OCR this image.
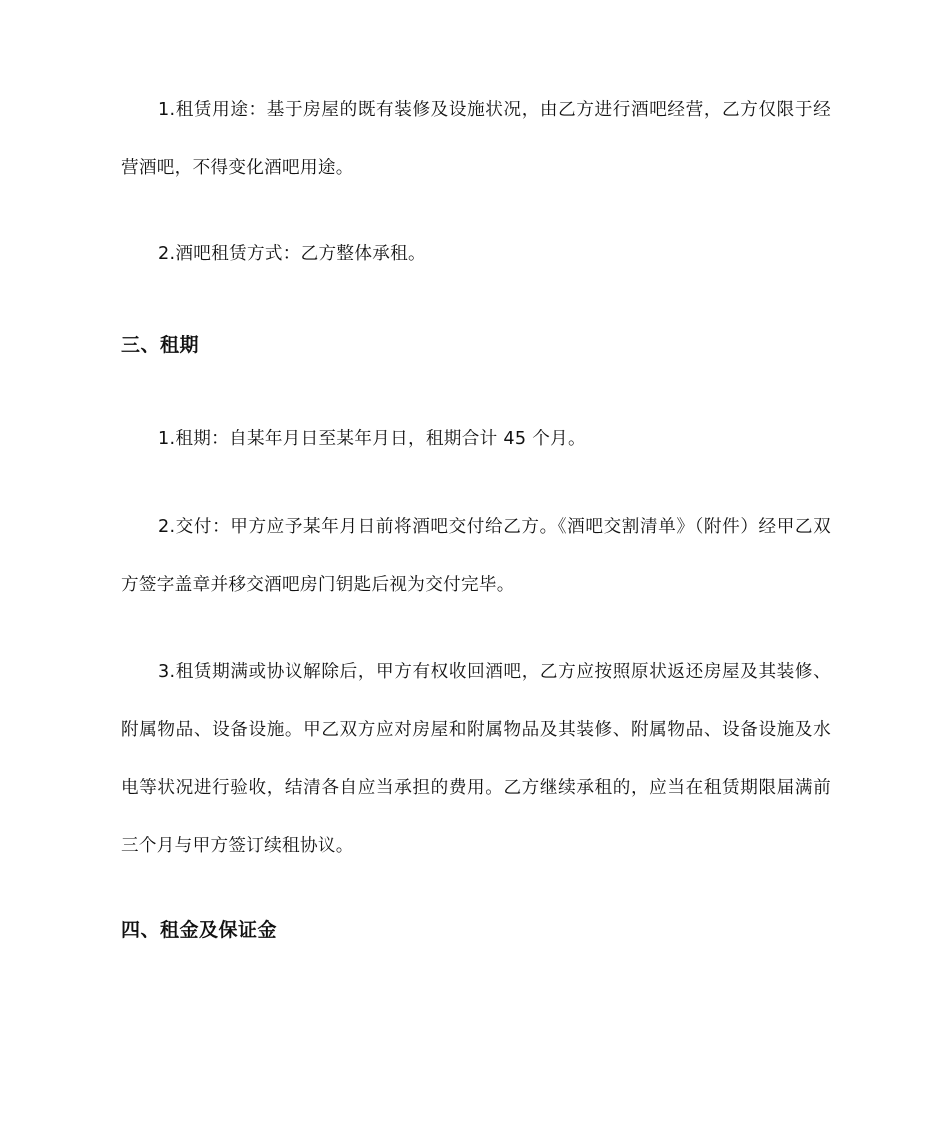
1.租赁用途：基于房屋的既有装修及设施状况，由乙方进行酒吧经营，乙方仅限于经营酒吧，不得变化酒吧用途。

2.酒吧租赁方式：乙方整体承租。

三、租期

1.租期：自某年月日至某年月日，租期合计 45 个月。

2.交付：甲方应予某年月日前将酒吧交付给乙方。《酒吧交割清单》（附件）经甲乙双方签字盖章并移交酒吧房门钥匙后视为交付完毕。

3.租赁期满或协议解除后，甲方有权收回酒吧，乙方应按照原状返还房屋及其装修、附属物品、设备设施。甲乙双方应对房屋和附属物品及其装修、附属物品、设备设施及水电等状况进行验收，结清各自应当承担的费用。乙方继续承租的，应当在租赁期限届满前三个月与甲方签订续租协议。

四、租金及保证金
